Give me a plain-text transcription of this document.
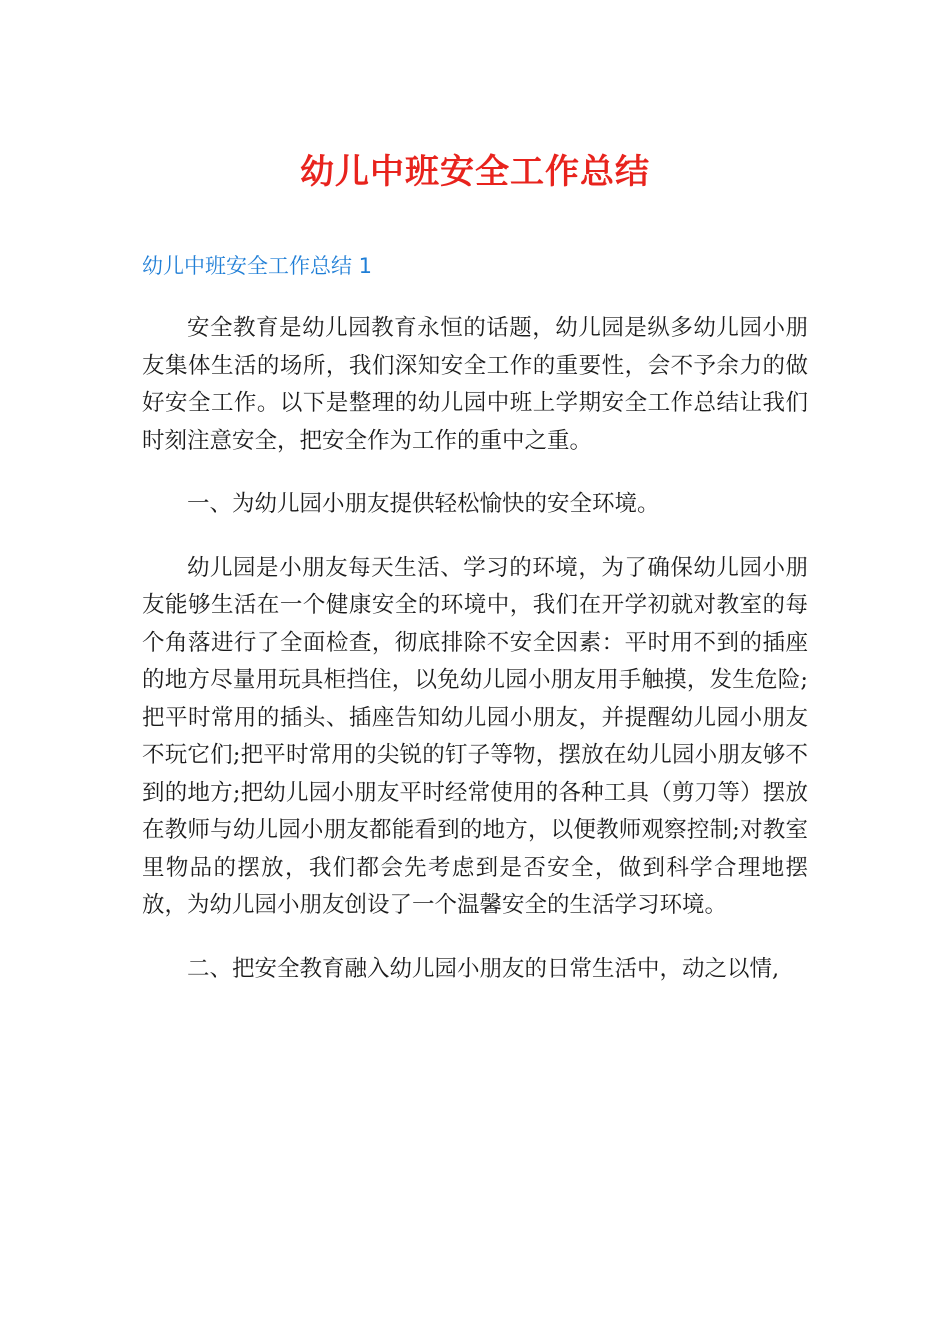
幼儿中班安全工作总结
幼儿中班安全工作总结 1

安全教育是幼儿园教育永恒的话题，幼儿园是纵多幼儿园小朋友集体生活的场所，我们深知安全工作的重要性，会不予余力的做好安全工作。以下是整理的幼儿园中班上学期安全工作总结让我们时刻注意安全，把安全作为工作的重中之重。

一、为幼儿园小朋友提供轻松愉快的安全环境。

幼儿园是小朋友每天生活、学习的环境，为了确保幼儿园小朋友能够生活在一个健康安全的环境中，我们在开学初就对教室的每个角落进行了全面检查，彻底排除不安全因素：平时用不到的插座的地方尽量用玩具柜挡住，以免幼儿园小朋友用手触摸，发生危险;把平时常用的插头、插座告知幼儿园小朋友，并提醒幼儿园小朋友不玩它们;把平时常用的尖锐的钉子等物，摆放在幼儿园小朋友够不到的地方;把幼儿园小朋友平时经常使用的各种工具（剪刀等）摆放在教师与幼儿园小朋友都能看到的地方，以便教师观察控制;对教室里物品的摆放，我们都会先考虑到是否安全，做到科学合理地摆放，为幼儿园小朋友创设了一个温馨安全的生活学习环境。

二、把安全教育融入幼儿园小朋友的日常生活中，动之以情,
